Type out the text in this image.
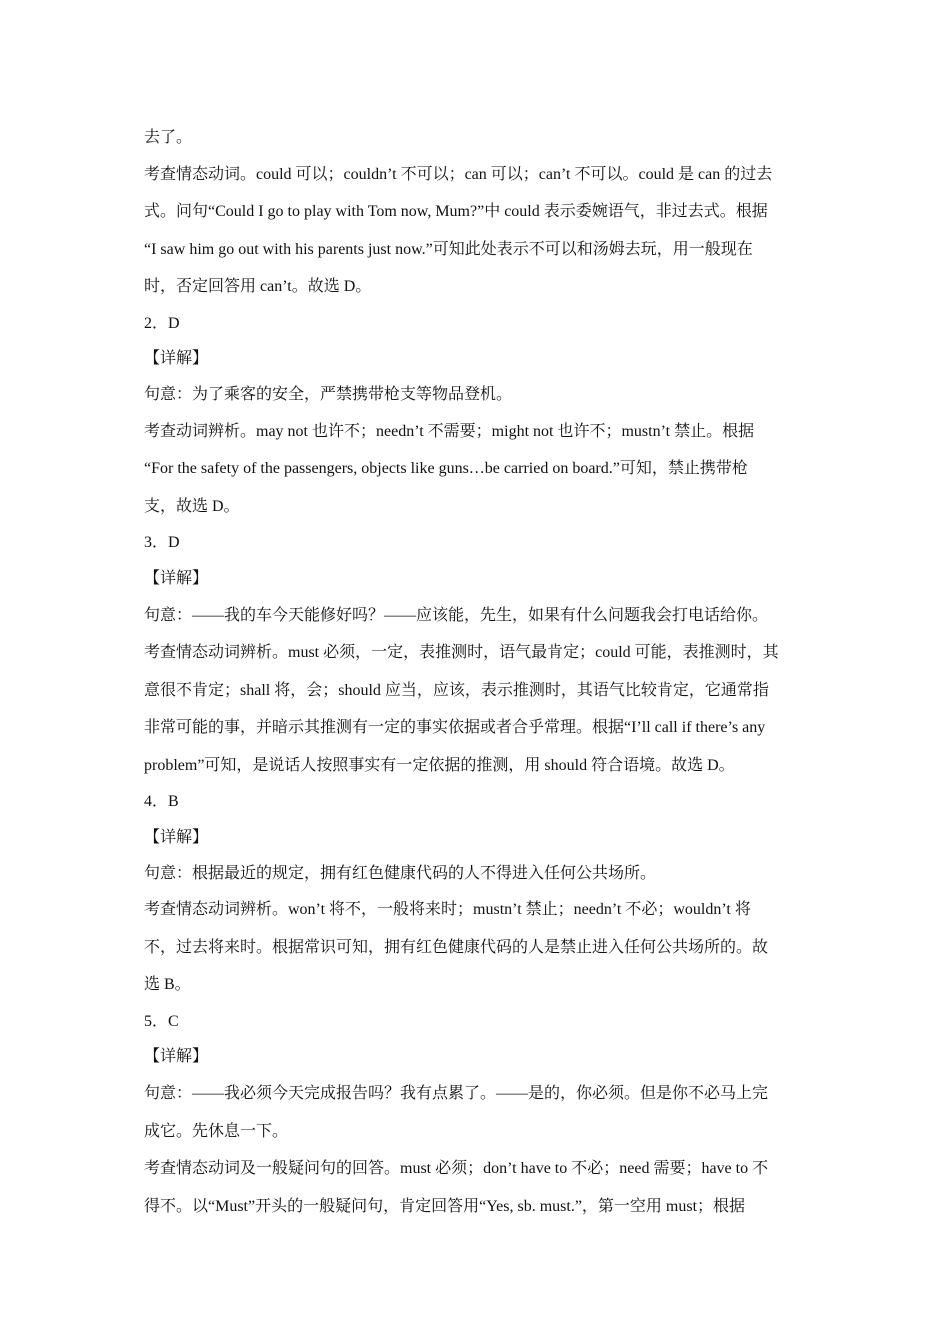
去了。
考查情态动词。could 可以；couldn’t 不可以；can 可以；can’t 不可以。could 是 can 的过去
式。问句“Could I go to play with Tom now, Mum?”中 could 表示委婉语气，非过去式。根据
“I saw him go out with his parents just now.”可知此处表示不可以和汤姆去玩，用一般现在
时，否定回答用 can’t。故选 D。
2．D
【详解】
句意：为了乘客的安全，严禁携带枪支等物品登机。
考查动词辨析。may not 也许不；needn’t 不需要；might not 也许不；mustn’t 禁止。根据
“For the safety of the passengers, objects like guns…be carried on board.”可知，禁止携带枪
支，故选 D。
3．D
【详解】
句意：——我的车今天能修好吗？——应该能，先生，如果有什么问题我会打电话给你。
考查情态动词辨析。must 必须，一定，表推测时，语气最肯定；could 可能，表推测时，其
意很不肯定；shall 将，会；should 应当，应该，表示推测时，其语气比较肯定，它通常指
非常可能的事，并暗示其推测有一定的事实依据或者合乎常理。根据“I’ll call if there’s any
problem”可知，是说话人按照事实有一定依据的推测，用 should 符合语境。故选 D。
4．B
【详解】
句意：根据最近的规定，拥有红色健康代码的人不得进入任何公共场所。
考查情态动词辨析。won’t 将不，一般将来时；mustn’t 禁止；needn’t 不必；wouldn’t 将
不，过去将来时。根据常识可知，拥有红色健康代码的人是禁止进入任何公共场所的。故
选 B。
5．C
【详解】
句意：——我必须今天完成报告吗？我有点累了。——是的，你必须。但是你不必马上完
成它。先休息一下。
考查情态动词及一般疑问句的回答。must 必须；don’t have to 不必；need 需要；have to 不
得不。以“Must”开头的一般疑问句，肯定回答用“Yes, sb. must.”，第一空用 must；根据
